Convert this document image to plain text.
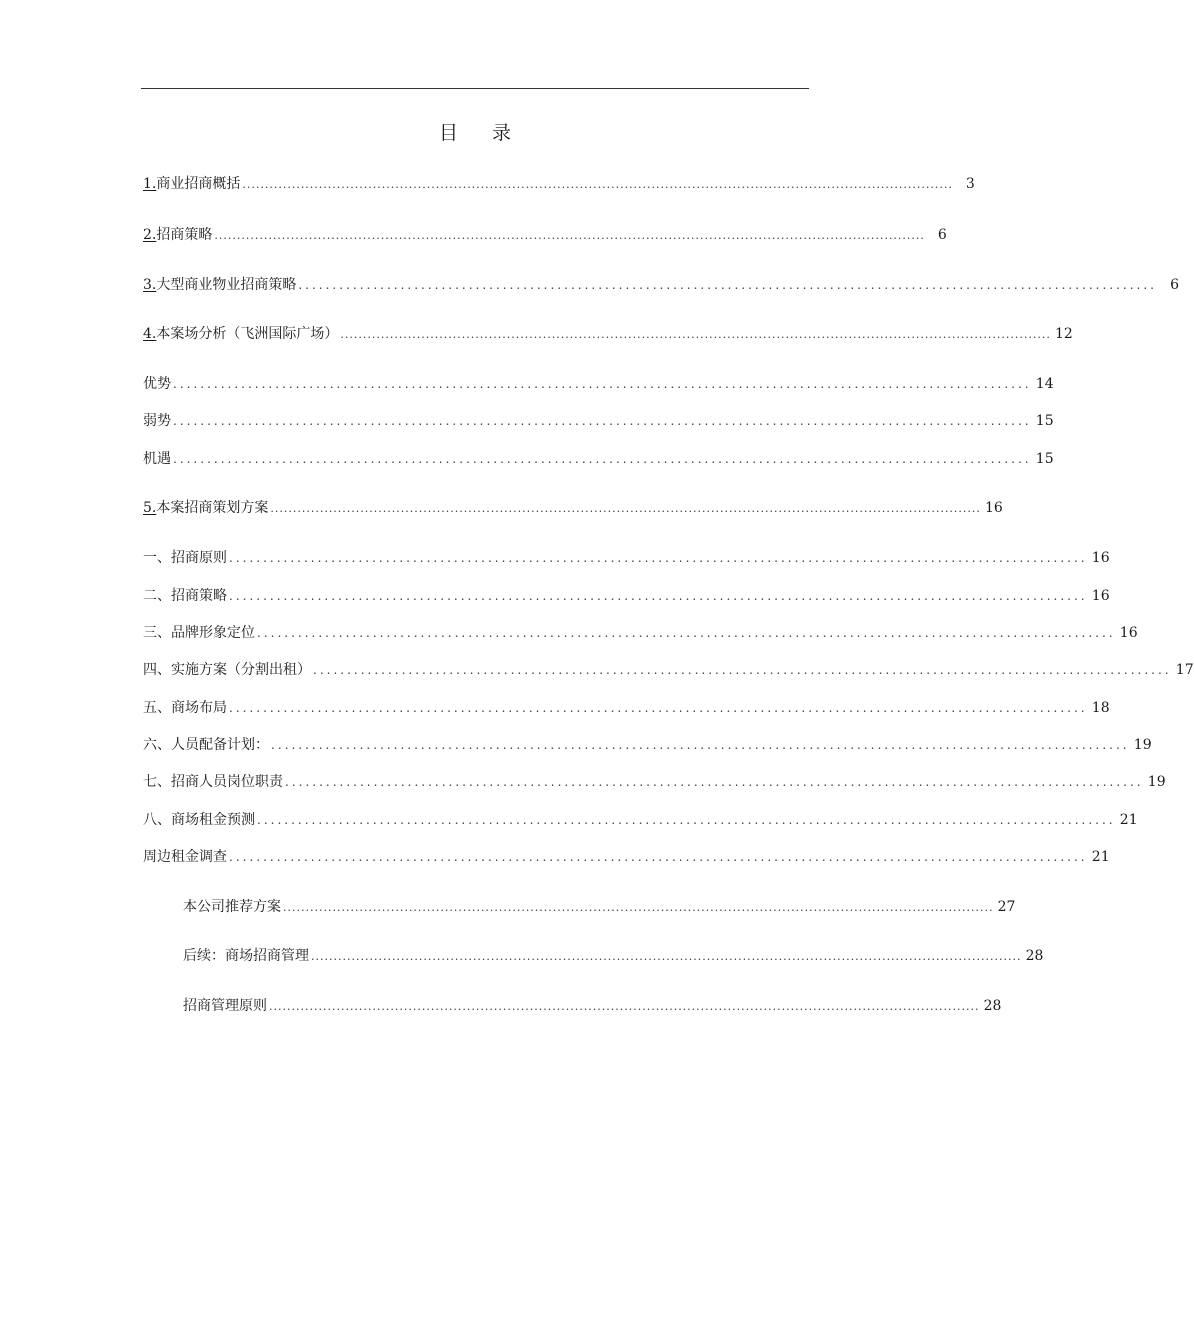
目 录
1. 商业招商概括 .............................................................................................................................................................. 3
2. 招商策略 .............................................................................................................................................................. 6
3. 大型商业物业招商策略 .............................................................................................................................. 6
4. 本案场分析（飞洲国际广场） .............................................................................................................................................................. 12
优势 .............................................................................................................................. 14
弱势 .............................................................................................................................. 15
机遇 .............................................................................................................................. 15
5. 本案招商策划方案 .............................................................................................................................................................. 16
一、招商原则 .............................................................................................................................. 16
二、招商策略 .............................................................................................................................. 16
三、品牌形象定位 .............................................................................................................................. 16
四、实施方案（分割出租） .............................................................................................................................. 17
五、商场布局 .............................................................................................................................. 18
六、人员配备计划： .............................................................................................................................. 19
七、招商人员岗位职责 .............................................................................................................................. 19
八、商场租金预测 .............................................................................................................................. 21
周边租金调查 .............................................................................................................................. 21
本公司推荐方案 .............................................................................................................................................................. 27
后续：商场招商管理 .............................................................................................................................................................. 28
招商管理原则 .............................................................................................................................................................. 28
